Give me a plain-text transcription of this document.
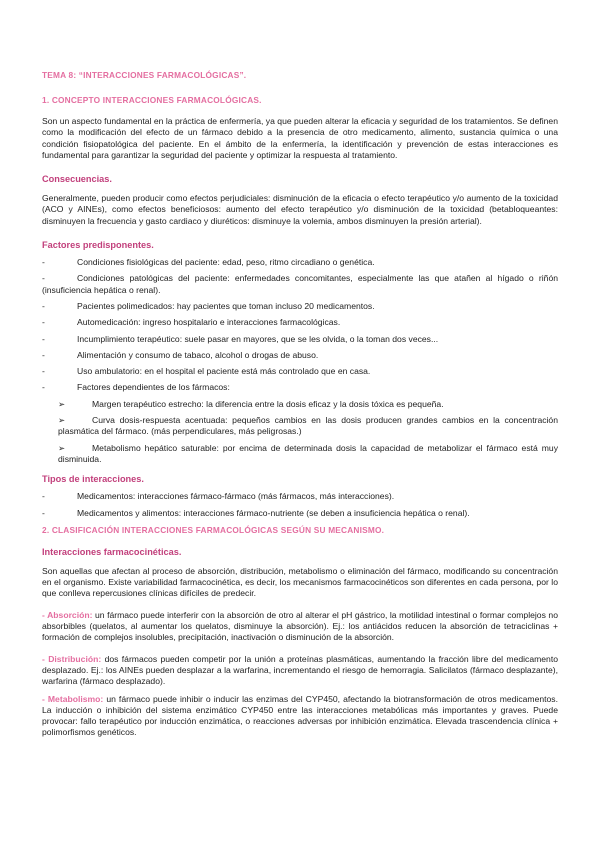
TEMA 8: “INTERACCIONES FARMACOLÓGICAS”.
1. CONCEPTO INTERACCIONES FARMACOLÓGICAS.

Son un aspecto fundamental en la práctica de enfermería, ya que pueden alterar la eficacia y seguridad de los tratamientos. Se definen como la modificación del efecto de un fármaco debido a la presencia de otro medicamento, alimento, sustancia química o una condición fisiopatológica del paciente. En el ámbito de la enfermería, la identificación y prevención de estas interacciones es fundamental para garantizar la seguridad del paciente y optimizar la respuesta al tratamiento.

Consecuencias.

Generalmente, pueden producir como efectos perjudiciales: disminución de la eficacia o efecto terapéutico y/o aumento de la toxicidad (ACO y AINEs), como efectos beneficiosos: aumento del efecto terapéutico y/o disminución de la toxicidad (betabloqueantes: disminuyen la frecuencia y gasto cardiaco y diuréticos: disminuye la volemia, ambos disminuyen la presión arterial).

Factores predisponentes.
-	Condiciones fisiológicas del paciente: edad, peso, ritmo circadiano o genética.
-	Condiciones patológicas del paciente: enfermedades concomitantes, especialmente las que atañen al hígado o riñón (insuficiencia hepática o renal).
-	Pacientes polimedicados: hay pacientes que toman incluso 20 medicamentos.
-	Automedicación: ingreso hospitalario e interacciones farmacológicas.
-	Incumplimiento terapéutico: suele pasar en mayores, que se les olvida, o la toman dos veces...
-	Alimentación y consumo de tabaco, alcohol o drogas de abuso.
-	Uso ambulatorio: en el hospital el paciente está más controlado que en casa.
-	Factores dependientes de los fármacos:
➢	Margen terapéutico estrecho: la diferencia entre la dosis eficaz y la dosis tóxica es pequeña.
➢	Curva dosis-respuesta acentuada: pequeños cambios en las dosis producen grandes cambios en la concentración plasmática del fármaco. (más perpendiculares, más peligrosas.)
➢	Metabolismo hepático saturable: por encima de determinada dosis la capacidad de metabolizar el fármaco está muy disminuida.
Tipos de interacciones.
-	Medicamentos: interacciones fármaco-fármaco (más fármacos, más interacciones).
-	Medicamentos y alimentos: interacciones fármaco-nutriente (se deben a insuficiencia hepática o renal).
2. CLASIFICACIÓN INTERACCIONES FARMACOLÓGICAS SEGÚN SU MECANISMO.
Interacciones farmacocinéticas.

Son aquellas que afectan al proceso de absorción, distribución, metabolismo o eliminación del fármaco, modificando su concentración en el organismo. Existe variabilidad farmacocinética, es decir, los mecanismos farmacocinéticos son diferentes en cada persona, por lo que conlleva repercusiones clínicas difíciles de predecir.

- Absorción: un fármaco puede interferir con la absorción de otro al alterar el pH gástrico, la motilidad intestinal o formar complejos no absorbibles (quelatos, al aumentar los quelatos, disminuye la absorción). Ej.: los antiácidos reducen la absorción de tetraciclinas + formación de complejos insolubles, precipitación, inactivación o disminución de la absorción.

- Distribución: dos fármacos pueden competir por la unión a proteínas plasmáticas, aumentando la fracción libre del medicamento desplazado. Ej.: los AINEs pueden desplazar a la warfarina, incrementando el riesgo de hemorragia. Salicilatos (fármaco desplazante), warfarina (fármaco desplazado).

- Metabolismo: un fármaco puede inhibir o inducir las enzimas del CYP450, afectando la biotransformación de otros medicamentos. La inducción o inhibición del sistema enzimático CYP450 entre las interacciones metabólicas más importantes y graves. Puede provocar: fallo terapéutico por inducción enzimática, o reacciones adversas por inhibición enzimática. Elevada trascendencia clínica + polimorfismos genéticos.
